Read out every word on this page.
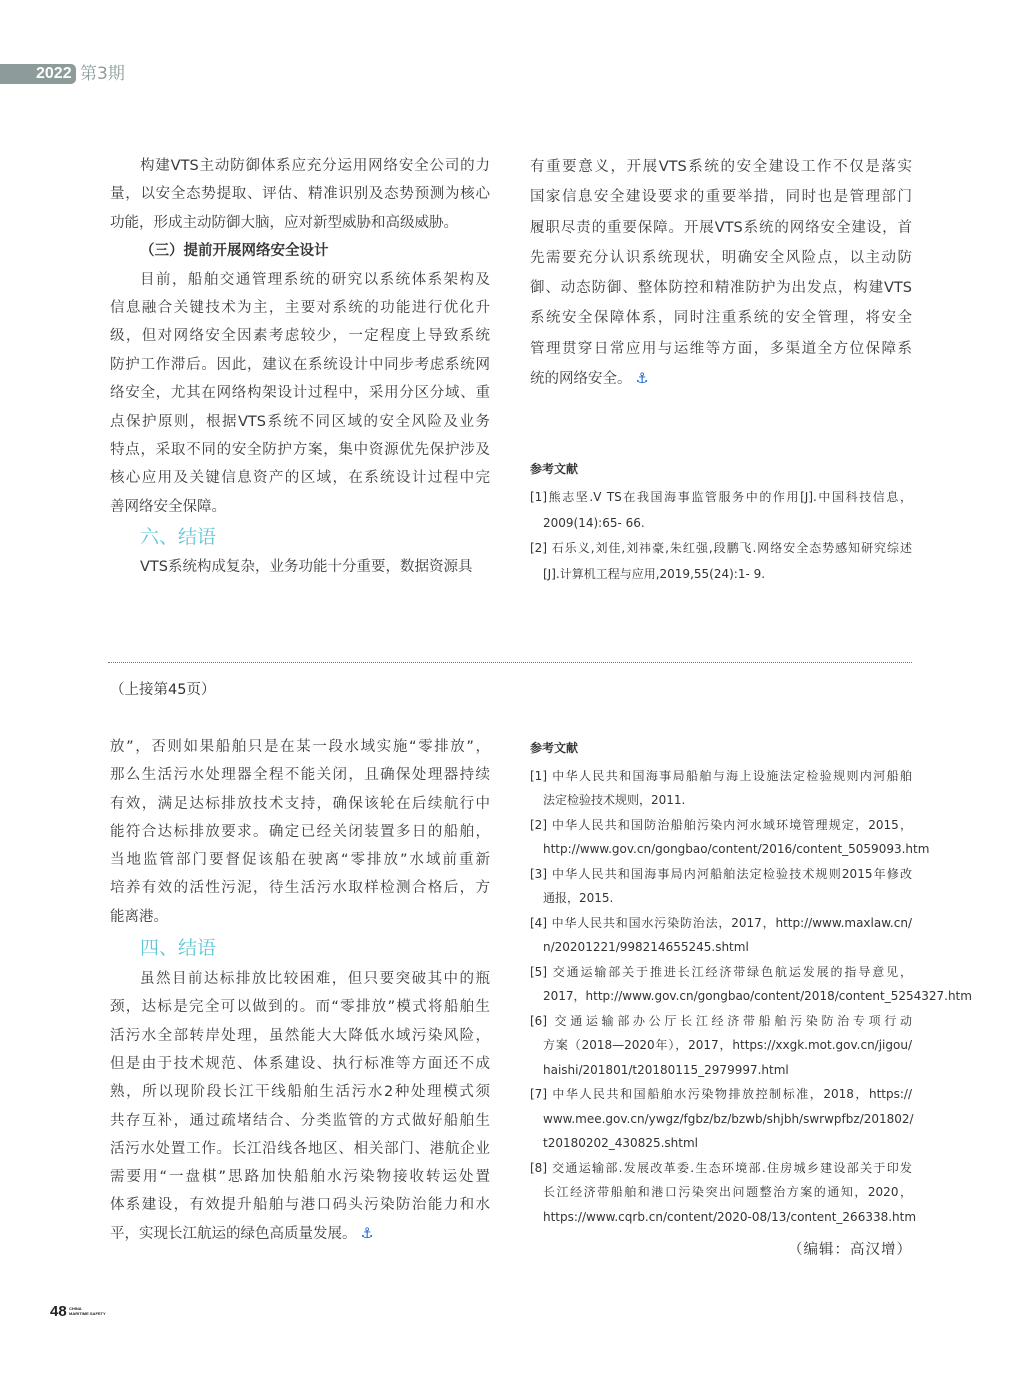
2022 第3期
构建VTS主动防御体系应充分运用网络安全公司的力
量，以安全态势提取、评估、精准识别及态势预测为核心
功能，形成主动防御大脑，应对新型威胁和高级威胁。
（三）提前开展网络安全设计
目前，船舶交通管理系统的研究以系统体系架构及
信息融合关键技术为主，主要对系统的功能进行优化升
级，但对网络安全因素考虑较少，一定程度上导致系统
防护工作滞后。因此，建议在系统设计中同步考虑系统网
络安全，尤其在网络构架设计过程中，采用分区分域、重
点保护原则，根据VTS系统不同区域的安全风险及业务
特点，采取不同的安全防护方案，集中资源优先保护涉及
核心应用及关键信息资产的区域，在系统设计过程中完
善网络安全保障。
六、结语
VTS系统构成复杂，业务功能十分重要，数据资源具
有重要意义，开展VTS系统的安全建设工作不仅是落实
国家信息安全建设要求的重要举措，同时也是管理部门
履职尽责的重要保障。开展VTS系统的网络安全建设，首
先需要充分认识系统现状，明确安全风险点，以主动防
御、动态防御、整体防控和精准防护为出发点，构建VTS
系统安全保障体系，同时注重系统的安全管理，将安全
管理贯穿日常应用与运维等方面，多渠道全方位保障系
统的网络安全。 ⚓
参考文献
[1]熊志坚.V TS在我国海事监管服务中的作用[J].中国科技信息，
2009(14):65- 66.
[2] 石乐义,刘佳,刘祎豪,朱红强,段鹏飞.网络安全态势感知研究综述
[J].计算机工程与应用,2019,55(24):1- 9.
（上接第45页）
放”，否则如果船舶只是在某一段水域实施“零排放”，
那么生活污水处理器全程不能关闭，且确保处理器持续
有效，满足达标排放技术支持，确保该轮在后续航行中
能符合达标排放要求。确定已经关闭装置多日的船舶，
当地监管部门要督促该船在驶离“零排放”水域前重新
培养有效的活性污泥，待生活污水取样检测合格后，方
能离港。
四、结语
虽然目前达标排放比较困难，但只要突破其中的瓶
颈，达标是完全可以做到的。而“零排放”模式将船舶生
活污水全部转岸处理，虽然能大大降低水域污染风险，
但是由于技术规范、体系建设、执行标准等方面还不成
熟，所以现阶段长江干线船舶生活污水2种处理模式须
共存互补，通过疏堵结合、分类监管的方式做好船舶生
活污水处置工作。长江沿线各地区、相关部门、港航企业
需要用“一盘棋”思路加快船舶水污染物接收转运处置
体系建设，有效提升船舶与港口码头污染防治能力和水
平，实现长江航运的绿色高质量发展。 ⚓
参考文献
[1] 中华人民共和国海事局船舶与海上设施法定检验规则内河船舶
法定检验技术规则，2011.
[2] 中华人民共和国防治船舶污染内河水域环境管理规定，2015，
http://www.gov.cn/gongbao/content/2016/content_5059093.htm
[3] 中华人民共和国海事局内河船舶法定检验技术规则2015年修改
通报，2015.
[4] 中华人民共和国水污染防治法，2017，http://www.maxlaw.cn/
n/20201221/998214655245.shtml
[5] 交通运输部关于推进长江经济带绿色航运发展的指导意见，
2017，http://www.gov.cn/gongbao/content/2018/content_5254327.htm
[6] 交通运输部办公厅长江经济带船舶污染防治专项行动
方案（2018—2020年），2017，https://xxgk.mot.gov.cn/jigou/
haishi/201801/t20180115_2979997.html
[7] 中华人民共和国船舶水污染物排放控制标准，2018，https://
www.mee.gov.cn/ywgz/fgbz/bz/bzwb/shjbh/swrwpfbz/201802/
t20180202_430825.shtml
[8] 交通运输部.发展改革委.生态环境部.住房城乡建设部关于印发
长江经济带船舶和港口污染突出问题整治方案的通知，2020，
https://www.cqrb.cn/content/2020-08/13/content_266338.htm
（编辑：高汉增）
48 CHINA
MARITIME SAFETY
